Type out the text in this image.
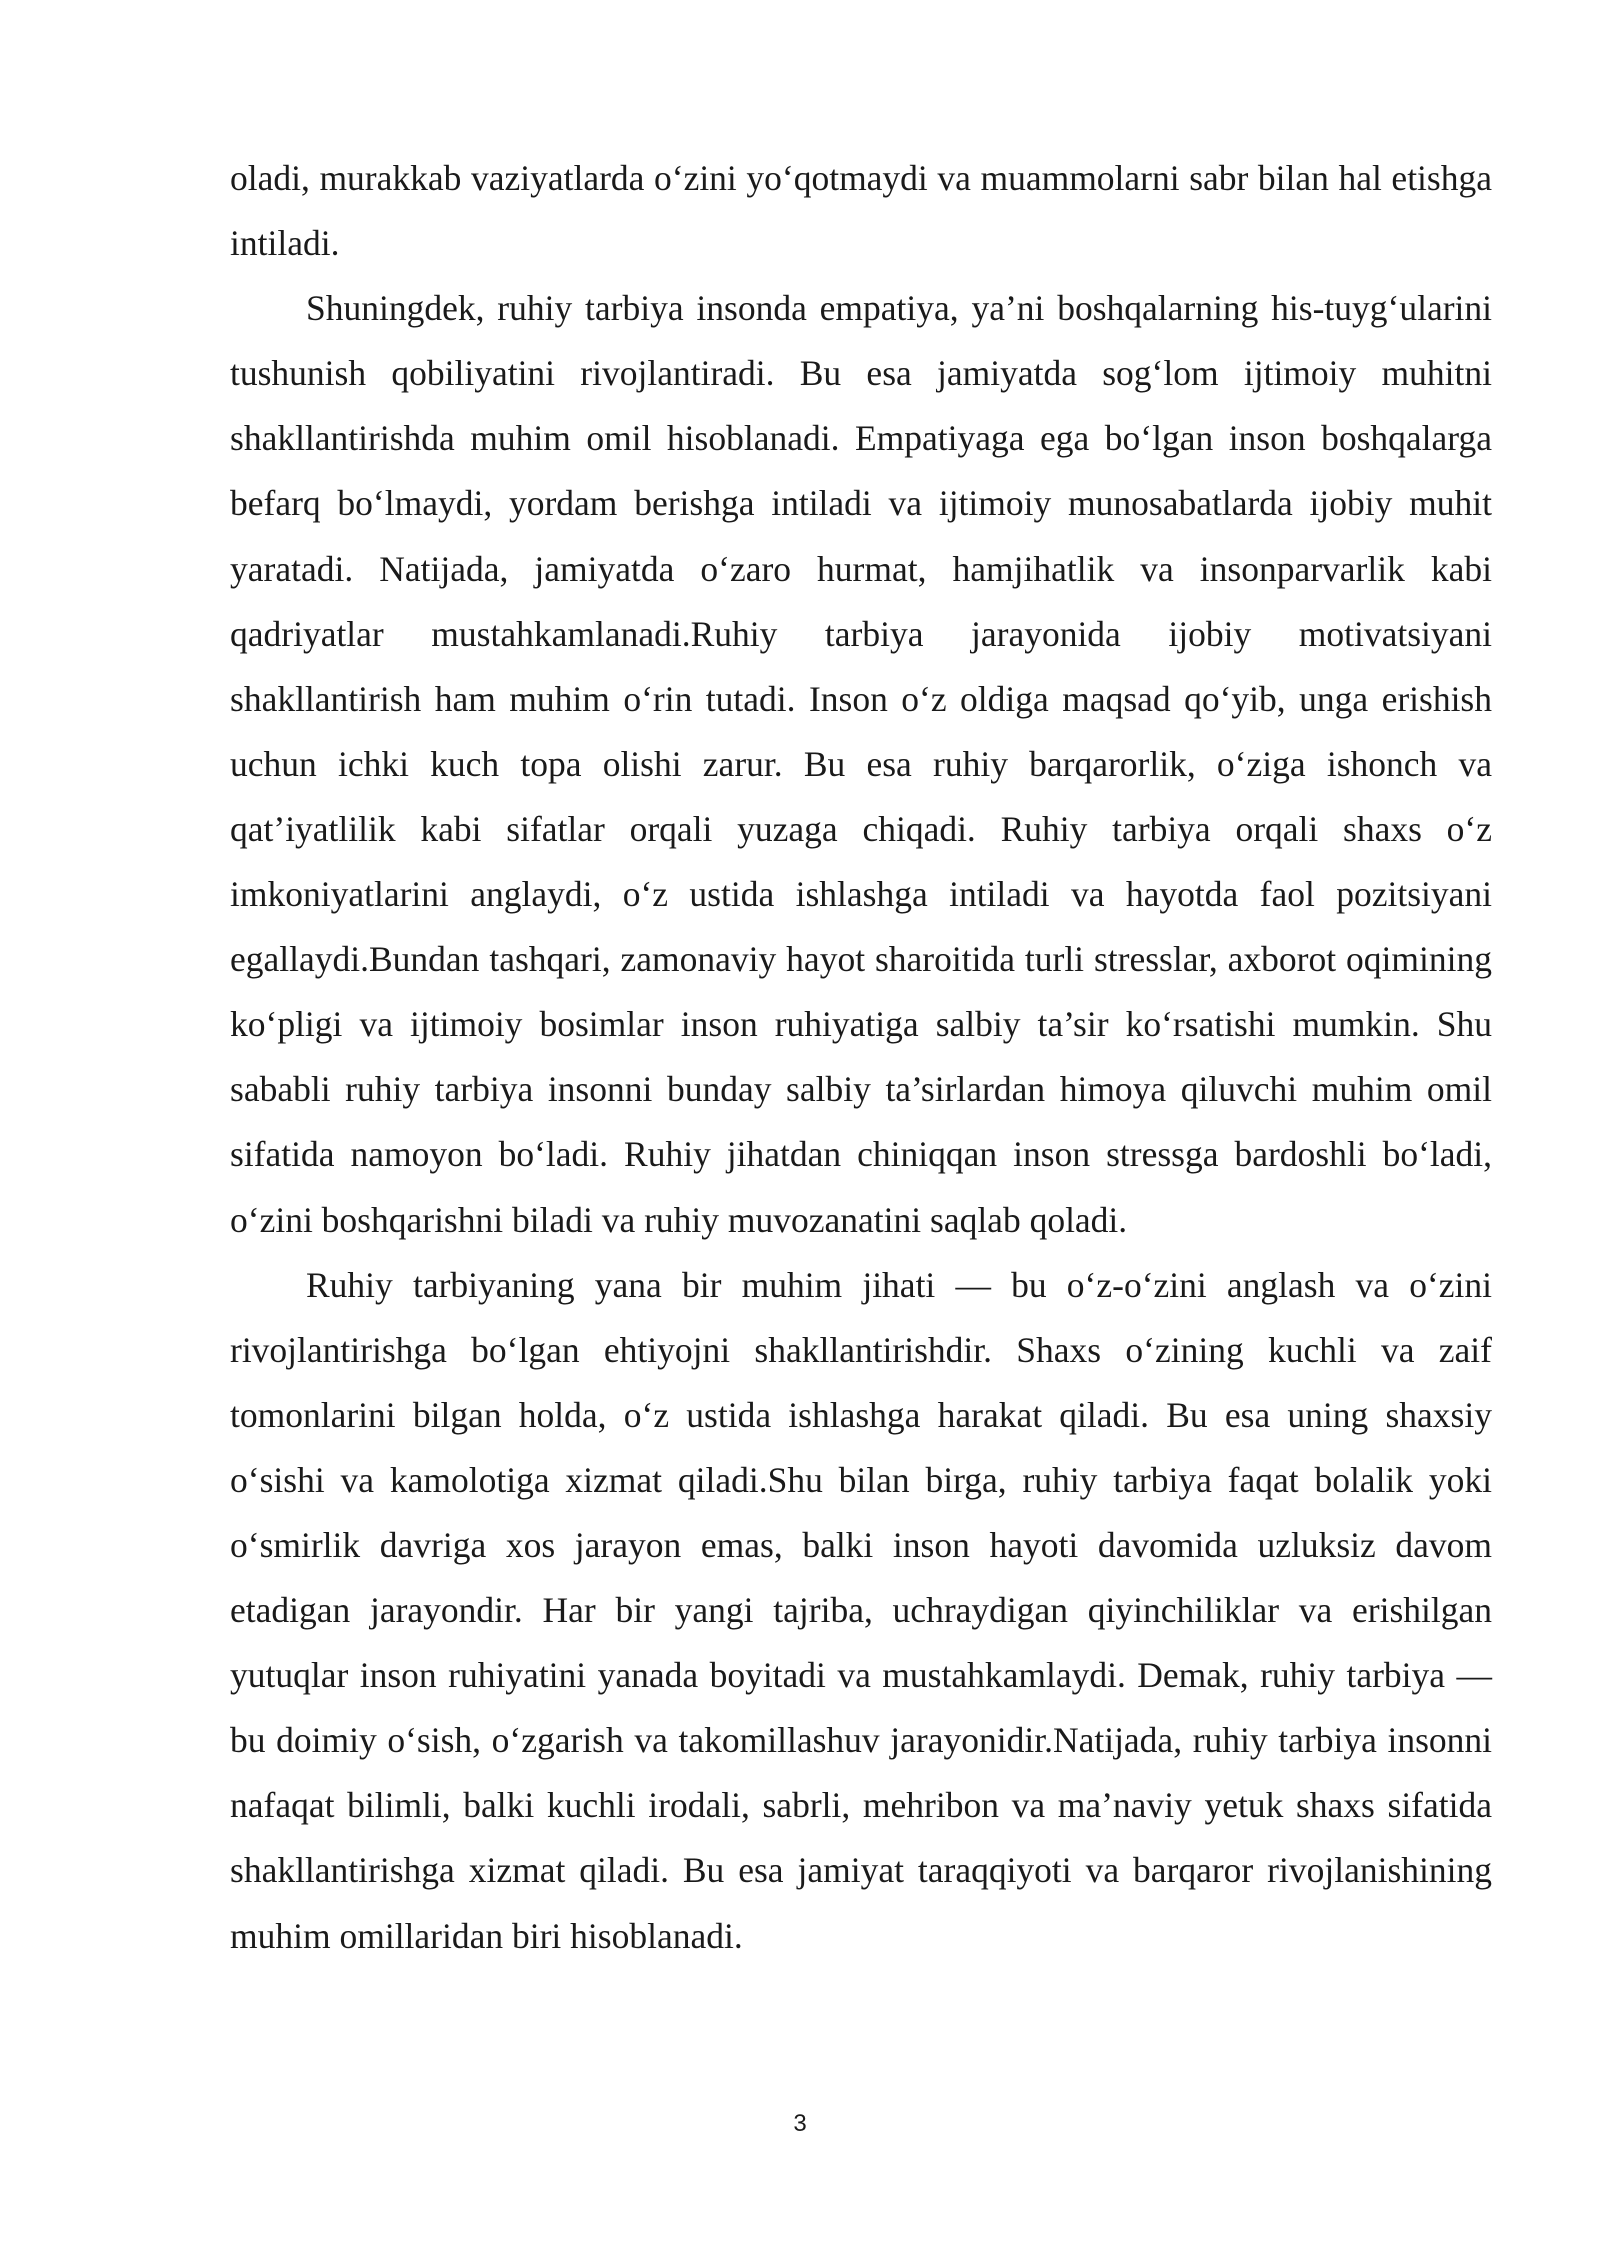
oladi, murakkab vaziyatlarda o‘zini yo‘qotmaydi va muammolarni sabr bilan hal etishga intiladi.

Shuningdek, ruhiy tarbiya insonda empatiya, ya’ni boshqalarning his-tuyg‘ularini tushunish qobiliyatini rivojlantiradi. Bu esa jamiyatda sog‘lom ijtimoiy muhitni shakllantirishda muhim omil hisoblanadi. Empatiyaga ega bo‘lgan inson boshqalarga befarq bo‘lmaydi, yordam berishga intiladi va ijtimoiy munosabatlarda ijobiy muhit yaratadi. Natijada, jamiyatda o‘zaro hurmat, hamjihatlik va insonparvarlik kabi qadriyatlar mustahkamlanadi.Ruhiy tarbiya jarayonida ijobiy motivatsiyani shakllantirish ham muhim o‘rin tutadi. Inson o‘z oldiga maqsad qo‘yib, unga erishish uchun ichki kuch topa olishi zarur. Bu esa ruhiy barqarorlik, o‘ziga ishonch va qat’iyatlilik kabi sifatlar orqali yuzaga chiqadi. Ruhiy tarbiya orqali shaxs o‘z imkoniyatlarini anglaydi, o‘z ustida ishlashga intiladi va hayotda faol pozitsiyani egallaydi.Bundan tashqari, zamonaviy hayot sharoitida turli stresslar, axborot oqimining ko‘pligi va ijtimoiy bosimlar inson ruhiyatiga salbiy ta’sir ko‘rsatishi mumkin. Shu sababli ruhiy tarbiya insonni bunday salbiy ta’sirlardan himoya qiluvchi muhim omil sifatida namoyon bo‘ladi. Ruhiy jihatdan chiniqqan inson stressga bardoshli bo‘ladi, o‘zini boshqarishni biladi va ruhiy muvozanatini saqlab qoladi.

Ruhiy tarbiyaning yana bir muhim jihati — bu o‘z-o‘zini anglash va o‘zini rivojlantirishga bo‘lgan ehtiyojni shakllantirishdir. Shaxs o‘zining kuchli va zaif tomonlarini bilgan holda, o‘z ustida ishlashga harakat qiladi. Bu esa uning shaxsiy o‘sishi va kamolotiga xizmat qiladi.Shu bilan birga, ruhiy tarbiya faqat bolalik yoki o‘smirlik davriga xos jarayon emas, balki inson hayoti davomida uzluksiz davom etadigan jarayondir. Har bir yangi tajriba, uchraydigan qiyinchiliklar va erishilgan yutuqlar inson ruhiyatini yanada boyitadi va mustahkamlaydi. Demak, ruhiy tarbiya — bu doimiy o‘sish, o‘zgarish va takomillashuv jarayonidir.Natijada, ruhiy tarbiya insonni nafaqat bilimli, balki kuchli irodali, sabrli, mehribon va ma’naviy yetuk shaxs sifatida shakllantirishga xizmat qiladi. Bu esa jamiyat taraqqiyoti va barqaror rivojlanishining muhim omillaridan biri hisoblanadi.

3
